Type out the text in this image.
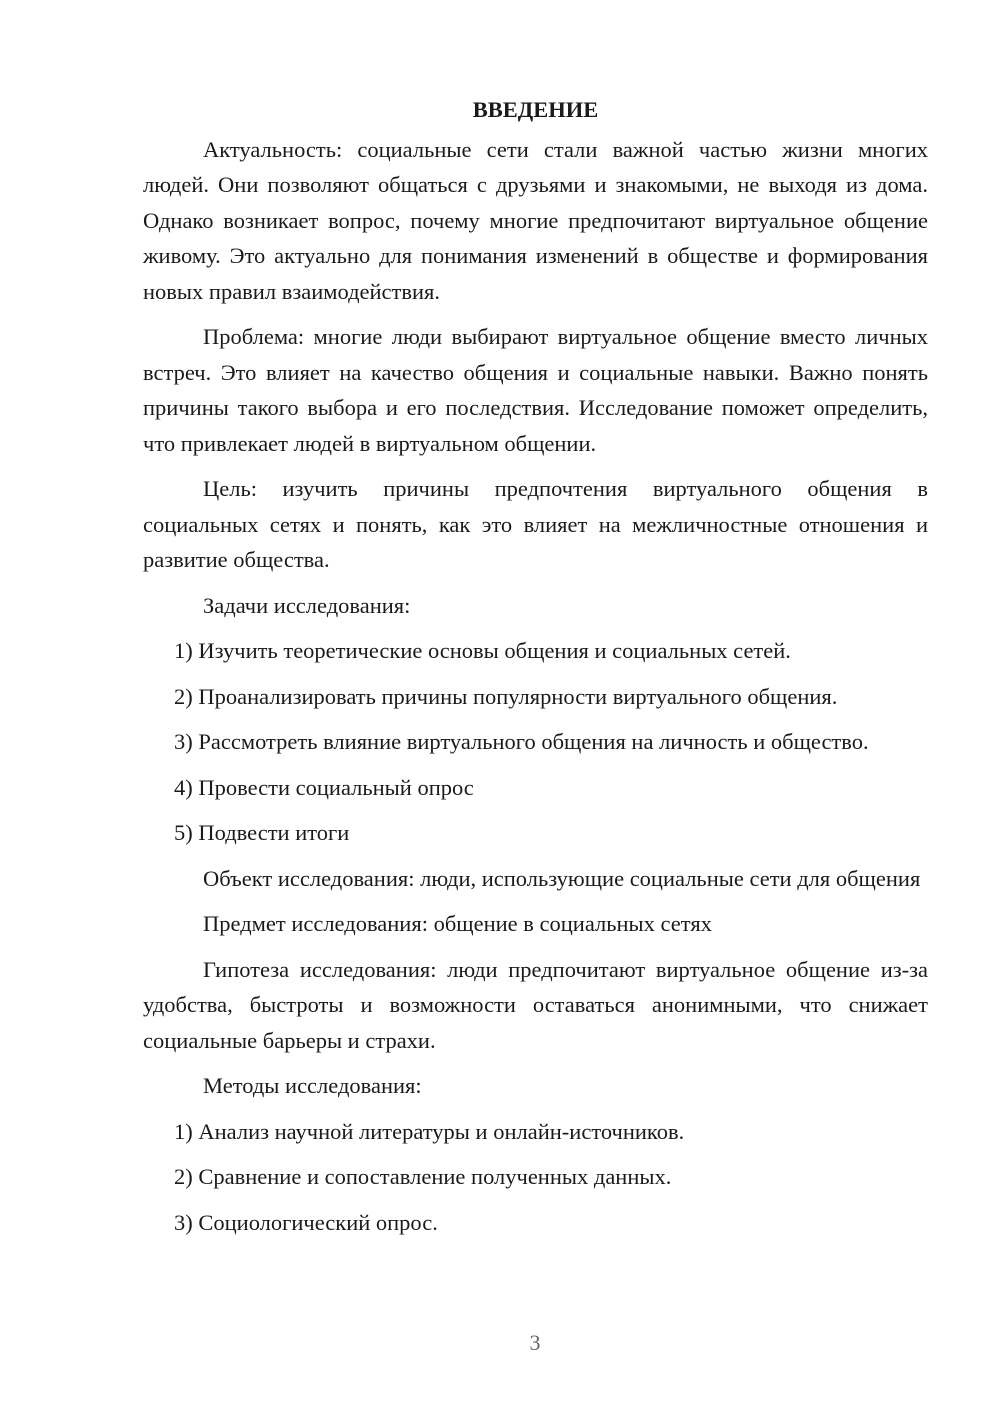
ВВЕДЕНИЕ

Актуальность: социальные сети стали важной частью жизни многих людей. Они позволяют общаться с друзьями и знакомыми, не выходя из дома. Однако возникает вопрос, почему многие предпочитают виртуальное общение живому. Это актуально для понимания изменений в обществе и формирования новых правил взаимодействия.

Проблема: многие люди выбирают виртуальное общение вместо личных встреч. Это влияет на качество общения и социальные навыки. Важно понять причины такого выбора и его последствия. Исследование поможет определить, что привлекает людей в виртуальном общении.

Цель: изучить причины предпочтения виртуального общения в социальных сетях и понять, как это влияет на межличностные отношения и развитие общества.

Задачи исследования:

1) Изучить теоретические основы общения и социальных сетей.

2) Проанализировать причины популярности виртуального общения.

3) Рассмотреть влияние виртуального общения на личность и общество.

4) Провести социальный опрос

5) Подвести итоги

Объект исследования: люди, использующие социальные сети для общения

Предмет исследования: общение в социальных сетях

Гипотеза исследования: люди предпочитают виртуальное общение из-за удобства, быстроты и возможности оставаться анонимными, что снижает социальные барьеры и страхи.

Методы исследования:

1) Анализ научной литературы и онлайн-источников.

2) Сравнение и сопоставление полученных данных.

3) Социологический опрос.

3
